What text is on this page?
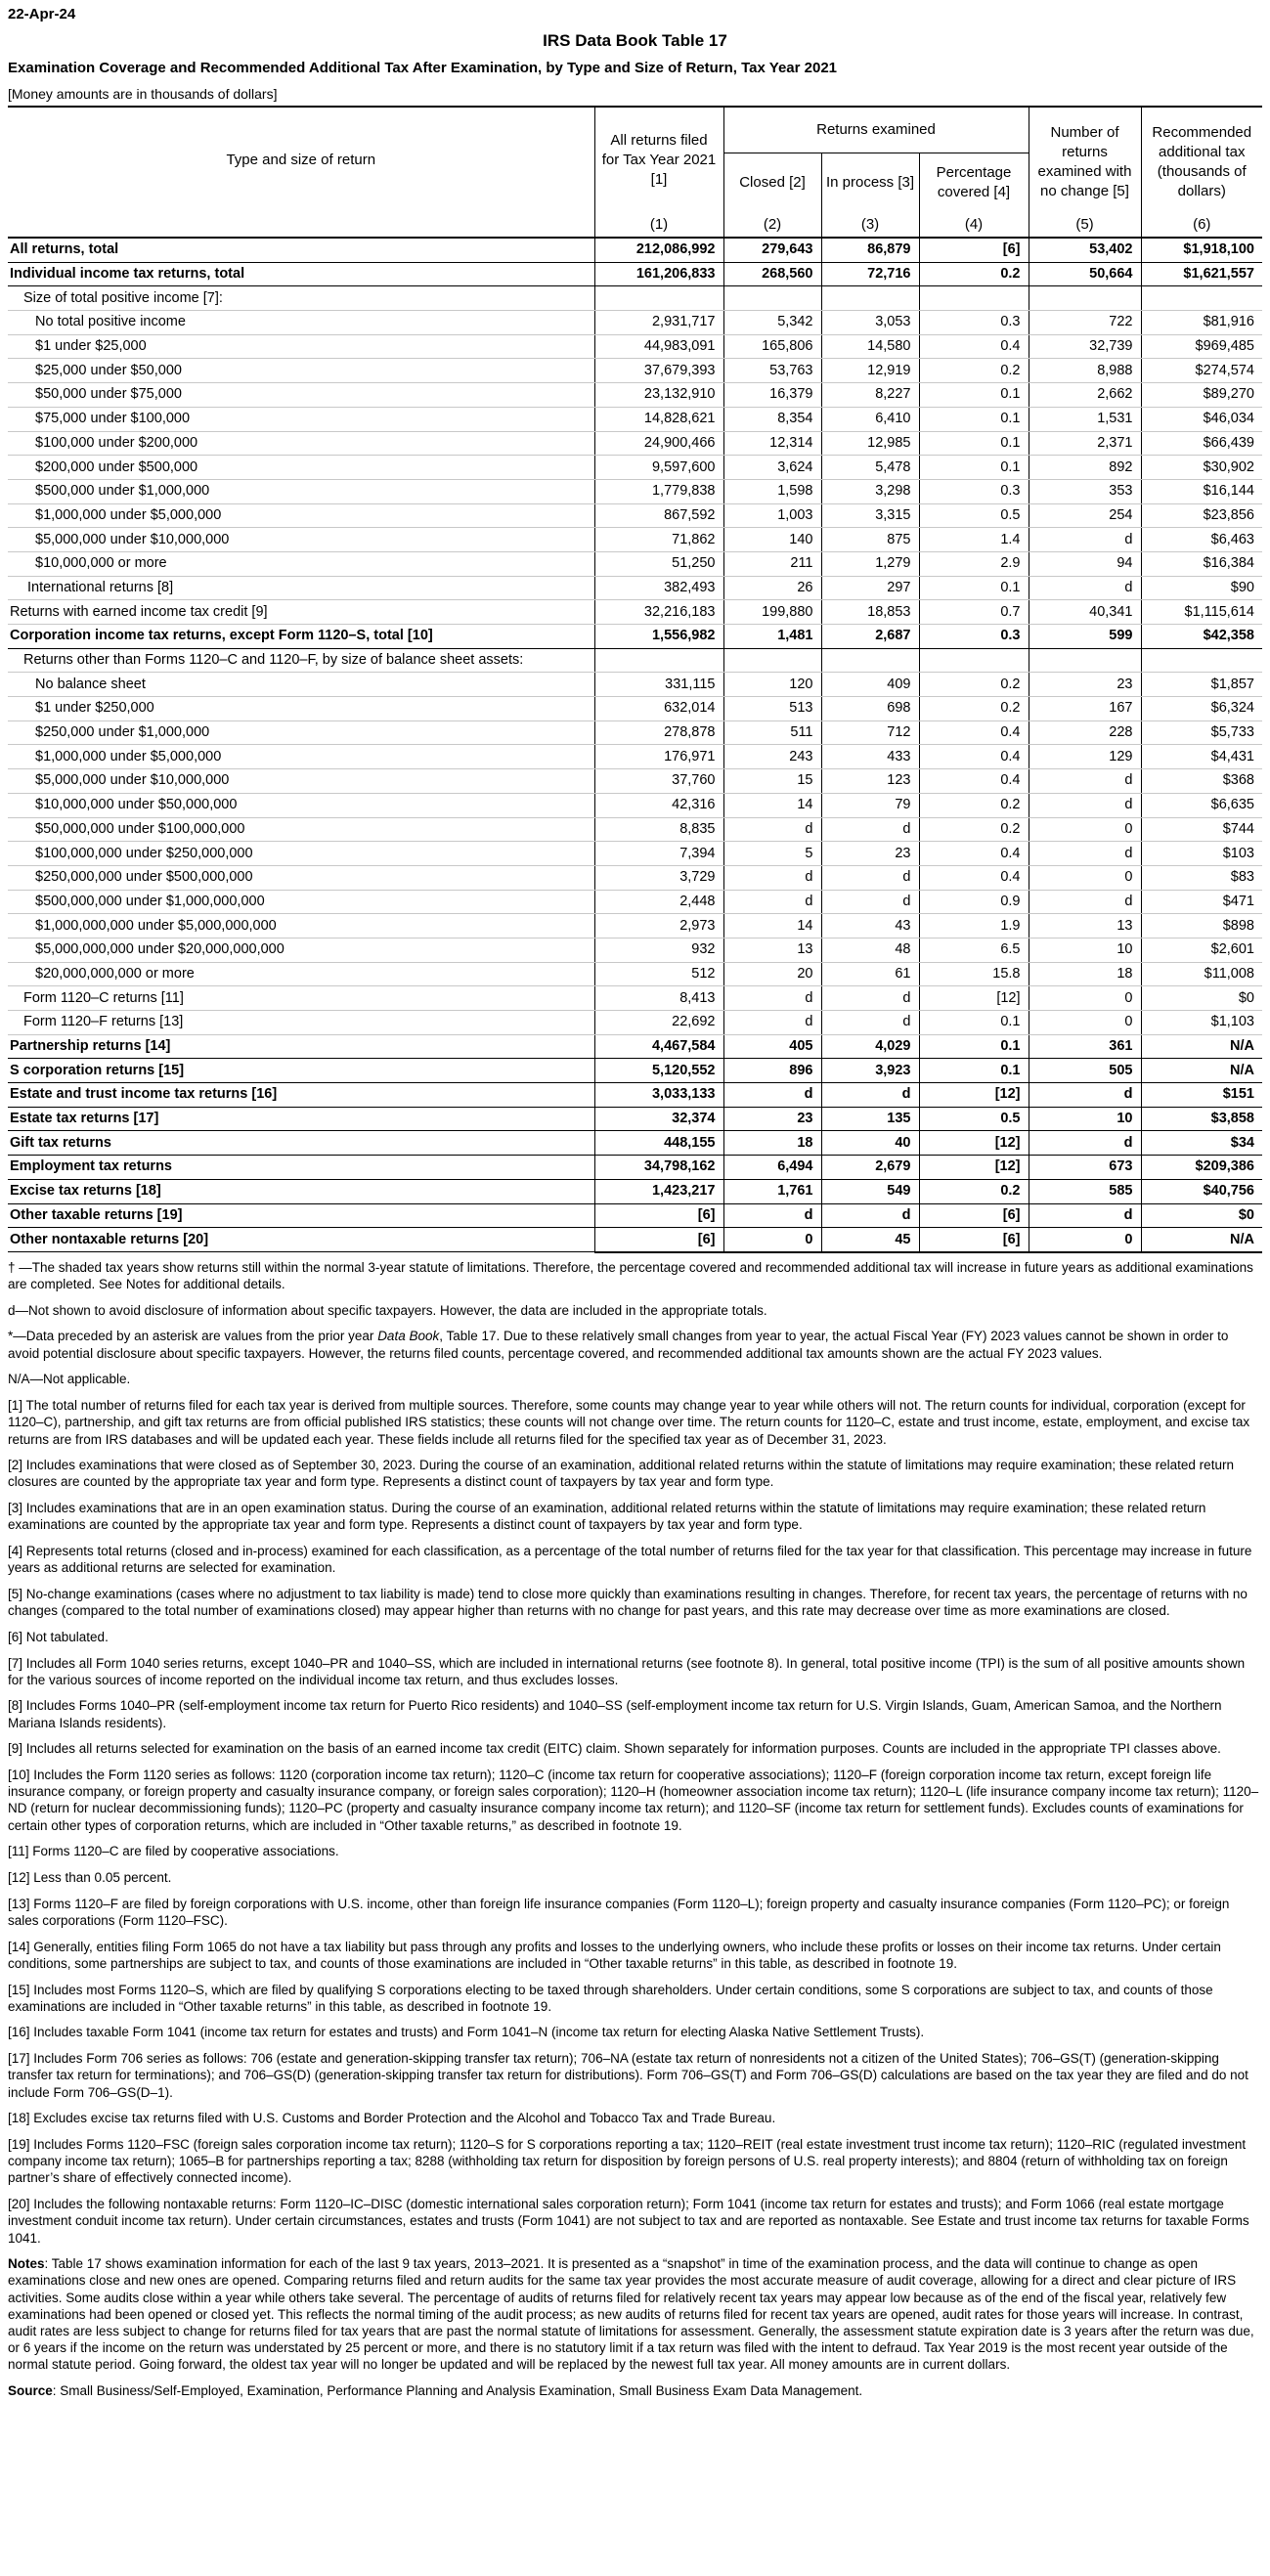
22-Apr-24
IRS Data Book Table 17
Examination Coverage and Recommended Additional Tax After Examination, by Type and Size of Return, Tax Year 2021
[Money amounts are in thousands of dollars]
Type and size of return	All returns filed for Tax Year 2021 [1]	Returns examined			Number of returns examined with no change [5]	Recommended additional tax (thousands of dollars)
		Closed [2]	In process [3]	Percentage covered [4]		
	(1)	(2)	(3)	(4)	(5)	(6)
All returns, total	212,086,992	279,643	86,879	[6]	53,402	$1,918,100
Individual income tax returns, total	161,206,833	268,560	72,716	0.2	50,664	$1,621,557
Size of total positive income [7]:						
No total positive income	2,931,717	5,342	3,053	0.3	722	$81,916
$1 under $25,000	44,983,091	165,806	14,580	0.4	32,739	$969,485
$25,000 under $50,000	37,679,393	53,763	12,919	0.2	8,988	$274,574
$50,000 under $75,000	23,132,910	16,379	8,227	0.1	2,662	$89,270
$75,000 under $100,000	14,828,621	8,354	6,410	0.1	1,531	$46,034
$100,000 under $200,000	24,900,466	12,314	12,985	0.1	2,371	$66,439
$200,000 under $500,000	9,597,600	3,624	5,478	0.1	892	$30,902
$500,000 under $1,000,000	1,779,838	1,598	3,298	0.3	353	$16,144
$1,000,000 under $5,000,000	867,592	1,003	3,315	0.5	254	$23,856
$5,000,000 under $10,000,000	71,862	140	875	1.4	d	$6,463
$10,000,000 or more	51,250	211	1,279	2.9	94	$16,384
International returns [8]	382,493	26	297	0.1	d	$90
Returns with earned income tax credit [9]	32,216,183	199,880	18,853	0.7	40,341	$1,115,614
Corporation income tax returns, except Form 1120–S, total [10]	1,556,982	1,481	2,687	0.3	599	$42,358
Returns other than Forms 1120–C and 1120–F, by size of balance sheet assets:						
No balance sheet	331,115	120	409	0.2	23	$1,857
$1 under $250,000	632,014	513	698	0.2	167	$6,324
$250,000 under $1,000,000	278,878	511	712	0.4	228	$5,733
$1,000,000 under $5,000,000	176,971	243	433	0.4	129	$4,431
$5,000,000 under $10,000,000	37,760	15	123	0.4	d	$368
$10,000,000 under $50,000,000	42,316	14	79	0.2	d	$6,635
$50,000,000 under $100,000,000	8,835	d	d	0.2	0	$744
$100,000,000 under $250,000,000	7,394	5	23	0.4	d	$103
$250,000,000 under $500,000,000	3,729	d	d	0.4	0	$83
$500,000,000 under $1,000,000,000	2,448	d	d	0.9	d	$471
$1,000,000,000 under $5,000,000,000	2,973	14	43	1.9	13	$898
$5,000,000,000 under $20,000,000,000	932	13	48	6.5	10	$2,601
$20,000,000,000 or more	512	20	61	15.8	18	$11,008
Form 1120–C returns [11]	8,413	d	d	[12]	0	$0
Form 1120–F returns [13]	22,692	d	d	0.1	0	$1,103
Partnership returns [14]	4,467,584	405	4,029	0.1	361	N/A
S corporation returns [15]	5,120,552	896	3,923	0.1	505	N/A
Estate and trust income tax returns [16]	3,033,133	d	d	[12]	d	$151
Estate tax returns [17]	32,374	23	135	0.5	10	$3,858
Gift tax returns	448,155	18	40	[12]	d	$34
Employment tax returns	34,798,162	6,494	2,679	[12]	673	$209,386
Excise tax returns [18]	1,423,217	1,761	549	0.2	585	$40,756
Other taxable returns [19]	[6]	d	d	[6]	d	$0
Other nontaxable returns [20]	[6]	0	45	[6]	0	N/A

† —The shaded tax years show returns still within the normal 3-year statute of limitations. Therefore, the percentage covered and recommended additional tax will increase in future years as additional examinations are completed. See Notes for additional details.

d—Not shown to avoid disclosure of information about specific taxpayers. However, the data are included in the appropriate totals.

*—Data preceded by an asterisk are values from the prior year Data Book, Table 17. Due to these relatively small changes from year to year, the actual Fiscal Year (FY) 2023 values cannot be shown in order to avoid potential disclosure about specific taxpayers. However, the returns filed counts, percentage covered, and recommended additional tax amounts shown are the actual FY 2023 values.

N/A—Not applicable.

[1] The total number of returns filed for each tax year is derived from multiple sources. Therefore, some counts may change year to year while others will not. The return counts for individual, corporation (except for 1120–C), partnership, and gift tax returns are from official published IRS statistics; these counts will not change over time. The return counts for 1120–C, estate and trust income, estate, employment, and excise tax returns are from IRS databases and will be updated each year. These fields include all returns filed for the specified tax year as of December 31, 2023.

[2] Includes examinations that were closed as of September 30, 2023. During the course of an examination, additional related returns within the statute of limitations may require examination; these related return closures are counted by the appropriate tax year and form type. Represents a distinct count of taxpayers by tax year and form type.

[3] Includes examinations that are in an open examination status. During the course of an examination, additional related returns within the statute of limitations may require examination; these related return examinations are counted by the appropriate tax year and form type. Represents a distinct count of taxpayers by tax year and form type.

[4] Represents total returns (closed and in-process) examined for each classification, as a percentage of the total number of returns filed for the tax year for that classification. This percentage may increase in future years as additional returns are selected for examination.

[5] No-change examinations (cases where no adjustment to tax liability is made) tend to close more quickly than examinations resulting in changes. Therefore, for recent tax years, the percentage of returns with no changes (compared to the total number of examinations closed) may appear higher than returns with no change for past years, and this rate may decrease over time as more examinations are closed.

[6] Not tabulated.

[7] Includes all Form 1040 series returns, except 1040–PR and 1040–SS, which are included in international returns (see footnote 8). In general, total positive income (TPI) is the sum of all positive amounts shown for the various sources of income reported on the individual income tax return, and thus excludes losses.

[8] Includes Forms 1040–PR (self-employment income tax return for Puerto Rico residents) and 1040–SS (self-employment income tax return for U.S. Virgin Islands, Guam, American Samoa, and the Northern Mariana Islands residents).

[9] Includes all returns selected for examination on the basis of an earned income tax credit (EITC) claim. Shown separately for information purposes. Counts are included in the appropriate TPI classes above.

[10] Includes the Form 1120 series as follows: 1120 (corporation income tax return); 1120–C (income tax return for cooperative associations); 1120–F (foreign corporation income tax return, except foreign life insurance company, or foreign property and casualty insurance company, or foreign sales corporation); 1120–H (homeowner association income tax return); 1120–L (life insurance company income tax return); 1120–ND (return for nuclear decommissioning funds); 1120–PC (property and casualty insurance company income tax return); and 1120–SF (income tax return for settlement funds). Excludes counts of examinations for certain other types of corporation returns, which are included in “Other taxable returns,” as described in footnote 19.

[11] Forms 1120–C are filed by cooperative associations.

[12] Less than 0.05 percent.

[13] Forms 1120–F are filed by foreign corporations with U.S. income, other than foreign life insurance companies (Form 1120–L); foreign property and casualty insurance companies (Form 1120–PC); or foreign sales corporations (Form 1120–FSC).

[14] Generally, entities filing Form 1065 do not have a tax liability but pass through any profits and losses to the underlying owners, who include these profits or losses on their income tax returns. Under certain conditions, some partnerships are subject to tax, and counts of those examinations are included in “Other taxable returns” in this table, as described in footnote 19.

[15] Includes most Forms 1120–S, which are filed by qualifying S corporations electing to be taxed through shareholders. Under certain conditions, some S corporations are subject to tax, and counts of those examinations are included in “Other taxable returns” in this table, as described in footnote 19.

[16] Includes taxable Form 1041 (income tax return for estates and trusts) and Form 1041–N (income tax return for electing Alaska Native Settlement Trusts).

[17] Includes Form 706 series as follows: 706 (estate and generation-skipping transfer tax return); 706–NA (estate tax return of nonresidents not a citizen of the United States); 706–GS(T) (generation-skipping transfer tax return for terminations); and 706–GS(D) (generation-skipping transfer tax return for distributions). Form 706–GS(T) and Form 706–GS(D) calculations are based on the tax year they are filed and do not include Form 706–GS(D–1).

[18] Excludes excise tax returns filed with U.S. Customs and Border Protection and the Alcohol and Tobacco Tax and Trade Bureau.

[19] Includes Forms 1120–FSC (foreign sales corporation income tax return); 1120–S for S corporations reporting a tax; 1120–REIT (real estate investment trust income tax return); 1120–RIC (regulated investment company income tax return); 1065–B for partnerships reporting a tax; 8288 (withholding tax return for disposition by foreign persons of U.S. real property interests); and 8804 (return of withholding tax on foreign partner’s share of effectively connected income).

[20] Includes the following nontaxable returns: Form 1120–IC–DISC (domestic international sales corporation return); Form 1041 (income tax return for estates and trusts); and Form 1066 (real estate mortgage investment conduit income tax return). Under certain circumstances, estates and trusts (Form 1041) are not subject to tax and are reported as nontaxable. See Estate and trust income tax returns for taxable Forms 1041.

Notes: Table 17 shows examination information for each of the last 9 tax years, 2013–2021. It is presented as a “snapshot” in time of the examination process, and the data will continue to change as open examinations close and new ones are opened. Comparing returns filed and return audits for the same tax year provides the most accurate measure of audit coverage, allowing for a direct and clear picture of IRS activities. Some audits close within a year while others take several. The percentage of audits of returns filed for relatively recent tax years may appear low because as of the end of the fiscal year, relatively few examinations had been opened or closed yet. This reflects the normal timing of the audit process; as new audits of returns filed for recent tax years are opened, audit rates for those years will increase. In contrast, audit rates are less subject to change for returns filed for tax years that are past the normal statute of limitations for assessment. Generally, the assessment statute expiration date is 3 years after the return was due, or 6 years if the income on the return was understated by 25 percent or more, and there is no statutory limit if a tax return was filed with the intent to defraud. Tax Year 2019 is the most recent year outside of the normal statute period. Going forward, the oldest tax year will no longer be updated and will be replaced by the newest full tax year. All money amounts are in current dollars.

Source: Small Business/Self-Employed, Examination, Performance Planning and Analysis Examination, Small Business Exam Data Management.
